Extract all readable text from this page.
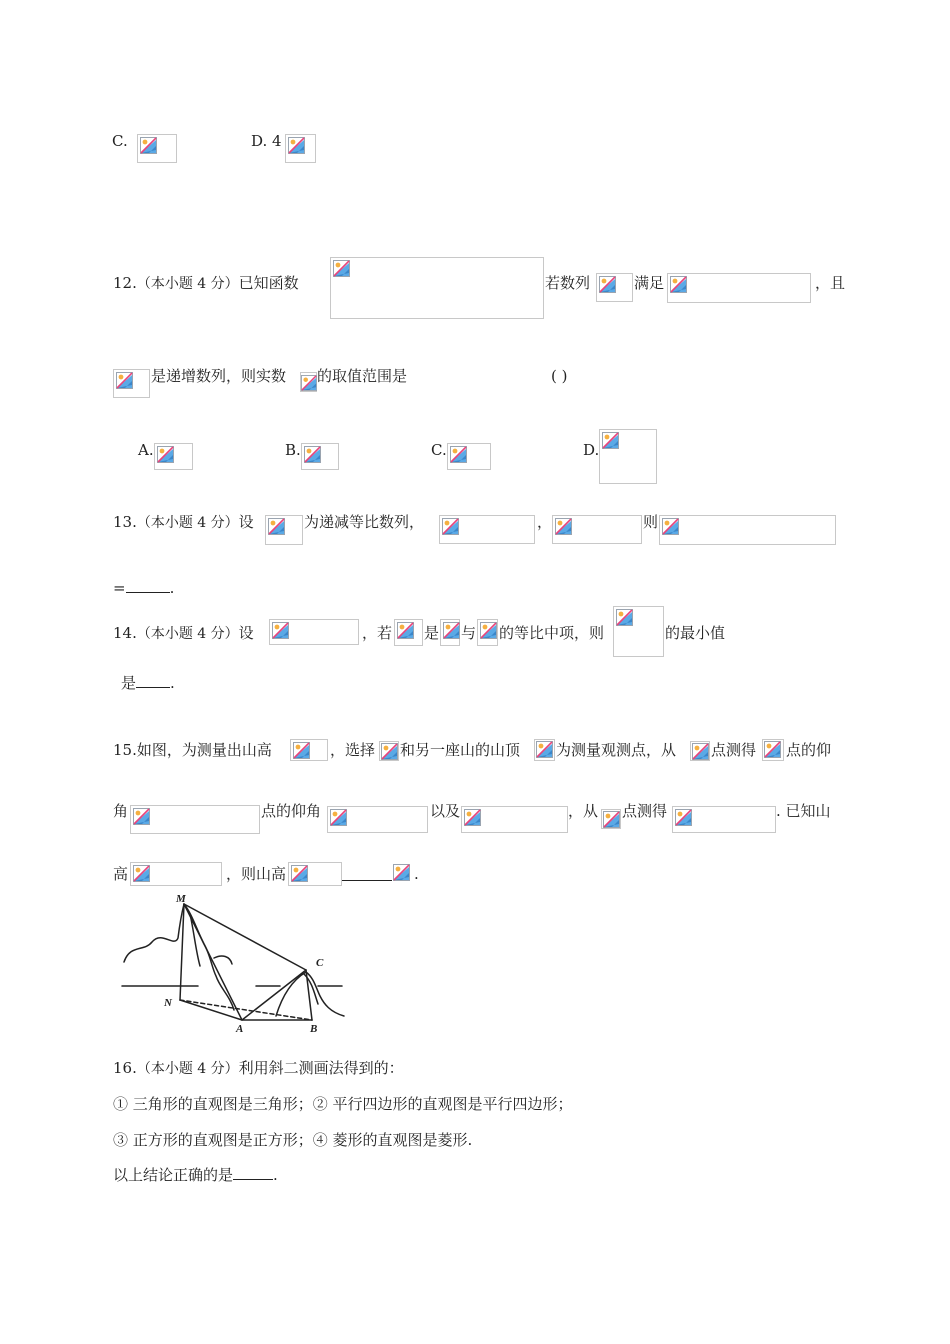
C.	D. 4
12.（本小题 4 分）已知函数	若数列	满足	，且
是递增数列，则实数 的取值范围是	( )
A.	B.	C.	D.
13.（本小题 4 分）设	为递减等比数列，	，	则
=	.
14.（本小题 4 分）设	，若 是 与 的等比中项，则	的最小值
是 .
15.如图，为测量出山高	，选择 和另一座山的山顶 为测量观测点，从 点测得 点的仰
角	点的仰角	以及	，从 点测得	. 已知山
高	，则山高	.
M
N
A	B
C
16.（本小题 4 分）利用斜二测画法得到的：
① 三角形的直观图是三角形；② 平行四边形的直观图是平行四边形；
③ 正方形的直观图是正方形；④ 菱形的直观图是菱形.
以上结论正确的是	.
